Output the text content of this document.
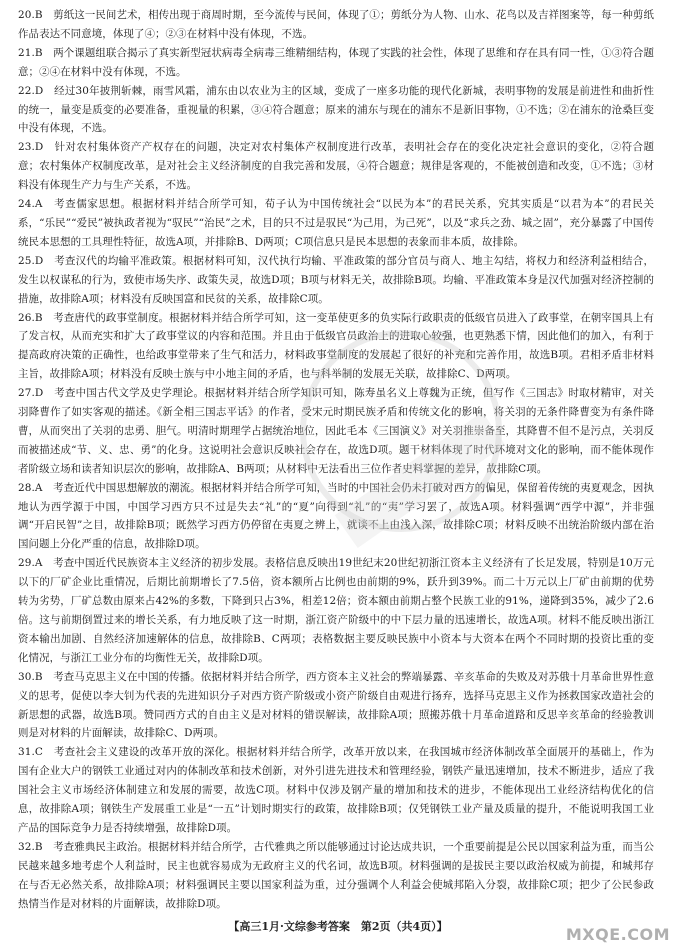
20.B　剪纸这一民间艺术，相传出现于商周时期，至今流传与民间，体现了①；剪纸分为人物、山水、花鸟以及吉祥图案等，每一种剪纸作品表达不同意境，体现了④；②③在材料中没有体现，不选。

21.B　两个课题组联合揭示了真实新型冠状病毒全病毒三维精细结构，体现了实践的社会性，体现了思维和存在具有同一性，①③符合题意；②④在材料中没有体现，不选。

22.D　经过30年披荆斩棘，雨雪风霜，浦东由以农业为主的区域，变成了一座多功能的现代化新城，表明事物的发展是前进性和曲折性的统一，量变是质变的必要准备，重视量的积累，③④符合题意；原来的浦东与现在的浦东不是新旧事物，①不选；②在浦东的沧桑巨变中没有体现，不选。

23.D　针对农村集体资产产权存在的问题，决定对农村集体产权制度进行改革，表明社会存在的变化决定社会意识的变化，②符合题意；农村集体产权制度改革，是对社会主义经济制度的自我完善和发展，④符合题意；规律是客观的，不能被创造和改变，①不选；③材料没有体现生产力与生产关系，不选。

24.A　考查儒家思想。根据材料并结合所学可知，荀子认为中国传统社会“以民为本”的君民关系，究其实质是“以君为本”的君民关系，“乐民”“爱民”被执政者视为“驭民”“治民”之术，目的只不过是驭民“为己用，为己死”，以及“求兵之劲、城之固”，充分暴露了中国传统民本思想的工具理性特征，故选A项，并排除B、D两项；C项信息只是民本思想的表象而非本质，故排除。

25.D　考查汉代的均输平准政策。根据材料可知，汉代执行均输、平准政策的部分官员与商人、地主勾结，将权力和经济利益相结合，发生以权谋私的行为，致使市场失序、政策失灵，故选D项；B项与材料无关，故排除B项。均输、平准政策本身是汉代加强对经济控制的措施，故排除A项；材料没有反映国富和民贫的关系，故排除C项。

26.B　考查唐代的政事堂制度。根据材料并结合所学可知，这一变革使更多的负实际行政职责的低级官员进入了政事堂，在朝宰国具上有了发言权，从而充实和扩大了政事堂议的内容和范围。并且由于低级官员政治上的进取心较强，也更熟悉下情，因此他们的加入，有利于提高政府决策的正确性，也给政事堂带来了生气和活力，材料政事堂制度的发展起了很好的补充和完善作用，故选B项。君相矛盾非材料主旨，故排除A项；材料没有反映士族与中小地主间的矛盾，也与科举制的发展无关联，故排除C、D两项。

27.D　考查中国古代文学及史学理论。根据材料并结合所学知识可知，陈寿虽名义上尊魏为正统，但写作《三国志》时取材精审，对关羽降曹作了如实客观的描述。《新全相三国志平话》的作者，受宋元时期民族矛盾和传统文化的影响，将关羽的无条件降曹变为有条件降曹，从而突出了关羽的忠勇、胆气。明清时期理学占据统治地位，因此毛本《三国演义》对关羽推崇备至，其降曹不但不是污点，关羽反而被描述成“节、义、忠、勇”的化身。这说明社会意识反映社会存在，故选D项。题干材料体现了时代环境对文化的影响，而不能体现作者阶级立场和读者知识层次的影响，故排除A、B两项；从材料中无法看出三位作者史料掌握的差异，故排除C项。

28.A　考查近代中国思想解放的潮流。根据材料并结合所学可知，当时的中国社会仍未打破对西方的偏见，保留着传统的夷夏观念，因执地认为西学源于中国，中国学习西方只不过是失去“礼”的“夏”向得到“礼”的“夷”学习罢了，故选A项。材料强调“西学中源”，并非强调“开启民智”之目，故排除B项；既然学习西方仍停留在夷夏之辨上，就谈不上由浅入深，故排除C项；材料反映不出统治阶级内部在治国问题上分化严重的信息，故排除D项。

29.A　考查中国近代民族资本主义经济的初步发展。表格信息反映出19世纪末20世纪初浙江资本主义经济有了长足发展，特别是10万元以下的厂矿企业比重情况，后期比前期增长了7.5倍，资本额所占比例也由前期的9%，跃升到39%。而二十万元以上厂矿由前期的优势转为劣势，厂矿总数由原来占42%的多数，下降到只占3%，相差12倍；资本额由前期占整个民族工业的91%，递降到35%，减少了2.6倍。这与前期倒置过来的增长关系，有力地反映了这一时期，浙江资产阶级中的中下层力量的迅速增长，故选A项。材料不能反映出浙江资本输出加剧、自然经济加速解体的信息，故排除B、C两项；表格数据主要反映民族中小资本与大资本在两个不同时期的投资比重的变化情况，与浙江工业分布的均衡性无关，故排除D项。

30.B　考查马克思主义在中国的传播。依据材料并结合所学，西方资本主义社会的弊端暴露、辛亥革命的失败及对苏俄十月革命世界性意义的思考，促使以李大钊为代表的先进知识分子对西方资产阶级或小资产阶级自由观进行扬弃，选择马克思主义作为拯救国家改造社会的新思想的武器，故选B项。赞同西方式的自由主义是对材料的错误解读，故排除A项；照搬苏俄十月革命道路和反思辛亥革命的经验教训则是对材料的片面解读，故排除C、D两项。

31.C　考查社会主义建设的改革开放的深化。根据材料并结合所学，改革开放以来，在我国城市经济体制改革全面展开的基础上，作为国有企业大户的钢铁工业通过对内的体制改革和技术创新，对外引进先进技术和管理经验，钢铁产量迅速增加，技术不断进步，适应了我国社会主义市场经济体制建立和发展的需要，故选C项。材料中仅涉及钢产量的增加和技术的进步，不能体现出工业经济结构优化的信息，故排除A项；钢铁生产发展重工业是“一五”计划时期实行的政策，故排除B项；仅凭钢铁工业产量及质量的提升，不能说明我国工业产品的国际竞争力是否持续增强，故排除D项。

32.B　考查雅典民主政治。根据材料并结合所学，古代雅典之所以能够通过讨论达成共识，一个重要前提是公民以国家利益为重，而当公民越来越多地考虑个人利益时，民主也就容易成为无政府主义的代名词，故选B项。材料强调的是拔民主要以政治权威为前提，和城邦存在与否无必然关系，故排除A项；材料强调民主要以国家利益为重，过分强调个人利益会使城邦陷入分裂，故排除C项；把少了公民参政热情当作是对材料的片面解读，故排除D项。

【高三1月·文综参考答案　第2页（共4页）】	MXQE.COM
